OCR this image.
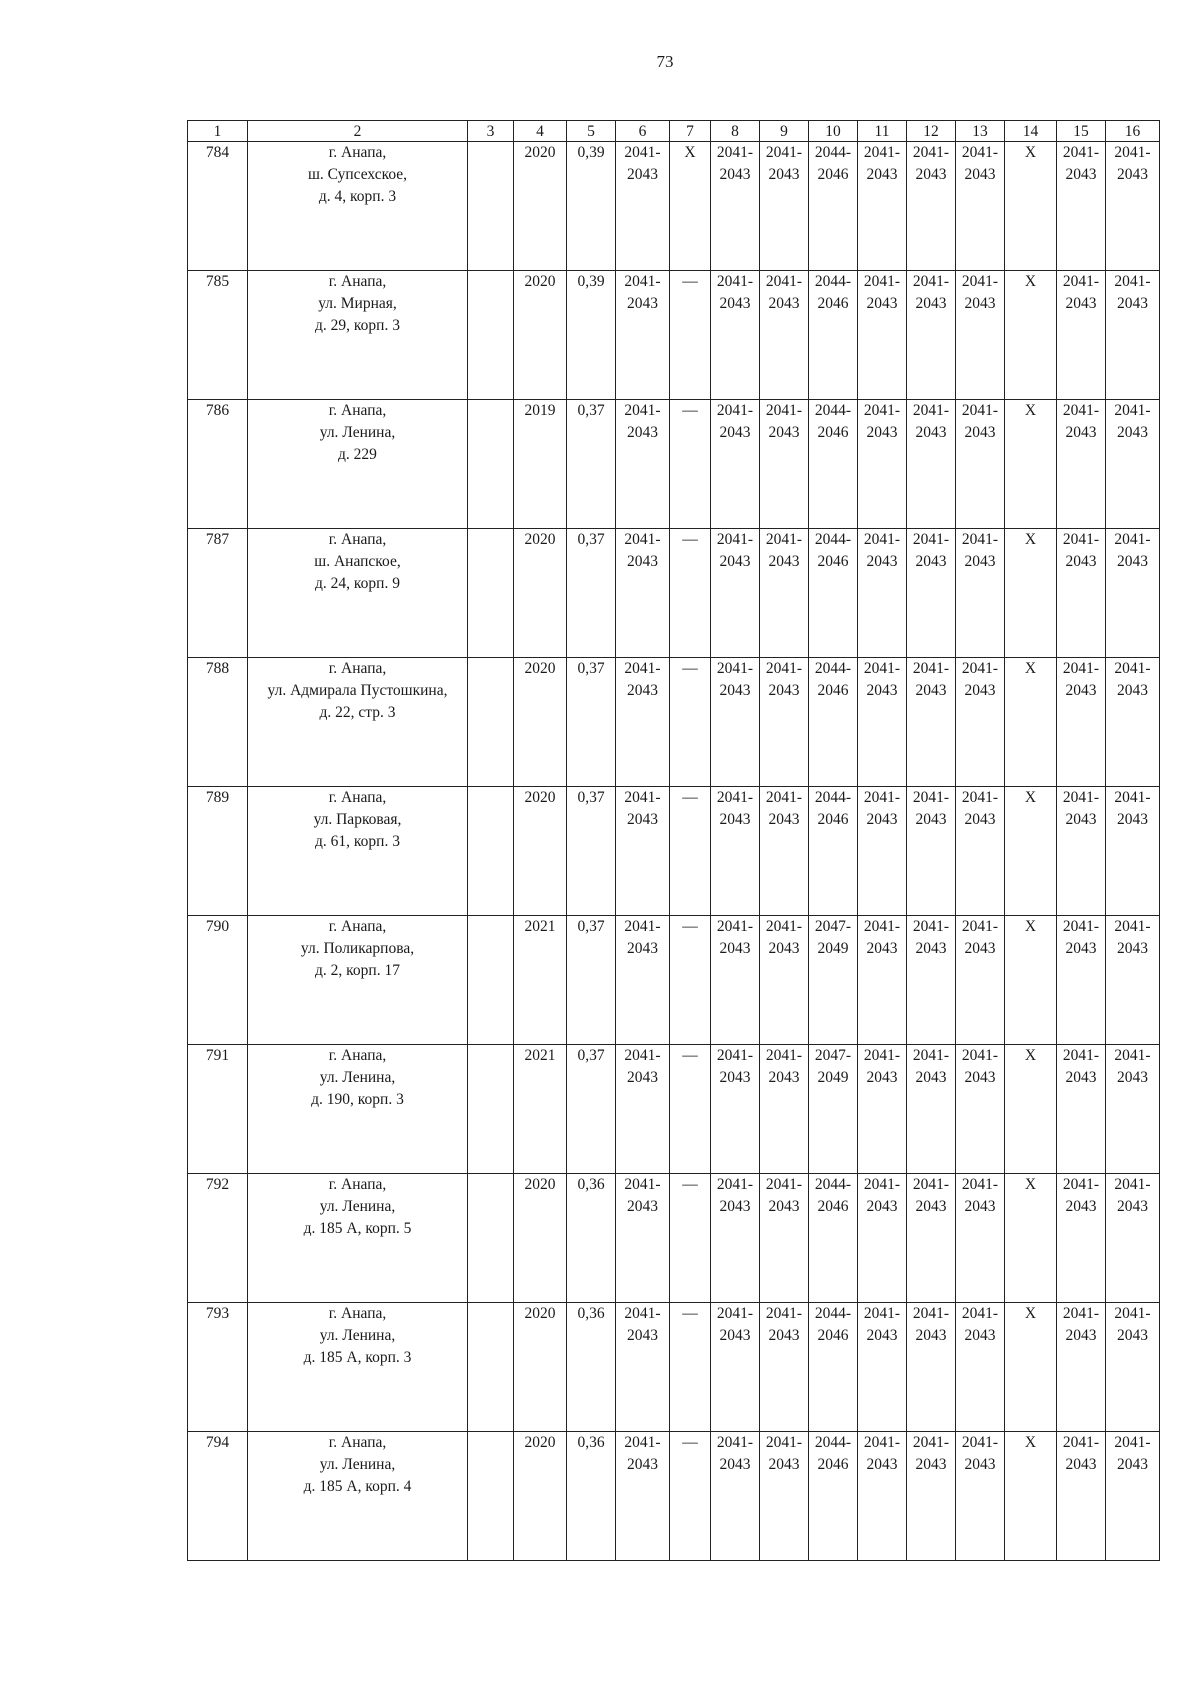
73
1	2	3	4	5	6	7	8	9	10	11	12	13	14	15	16
784	г. Анапа,
ш. Супсехское,
д. 4, корп. 3		2020	0,39	2041-
2043	Х	2041-
2043	2041-
2043	2044-
2046	2041-
2043	2041-
2043	2041-
2043	Х	2041-
2043	2041-
2043

785	г. Анапа,
ул. Мирная,
д. 29, корп. 3		2020	0,39	2041-
2043	—	2041-
2043	2041-
2043	2044-
2046	2041-
2043	2041-
2043	2041-
2043	Х	2041-
2043	2041-
2043

786	г. Анапа,
ул. Ленина,
д. 229		2019	0,37	2041-
2043	—	2041-
2043	2041-
2043	2044-
2046	2041-
2043	2041-
2043	2041-
2043	Х	2041-
2043	2041-
2043

787	г. Анапа,
ш. Анапское,
д. 24, корп. 9		2020	0,37	2041-
2043	—	2041-
2043	2041-
2043	2044-
2046	2041-
2043	2041-
2043	2041-
2043	Х	2041-
2043	2041-
2043

788	г. Анапа,
ул. Адмирала Пустошкина,
д. 22, стр. 3		2020	0,37	2041-
2043	—	2041-
2043	2041-
2043	2044-
2046	2041-
2043	2041-
2043	2041-
2043	Х	2041-
2043	2041-
2043

789	г. Анапа,
ул. Парковая,
д. 61, корп. 3		2020	0,37	2041-
2043	—	2041-
2043	2041-
2043	2044-
2046	2041-
2043	2041-
2043	2041-
2043	Х	2041-
2043	2041-
2043

790	г. Анапа,
ул. Поликарпова,
д. 2, корп. 17		2021	0,37	2041-
2043	—	2041-
2043	2041-
2043	2047-
2049	2041-
2043	2041-
2043	2041-
2043	Х	2041-
2043	2041-
2043

791	г. Анапа,
ул. Ленина,
д. 190, корп. 3		2021	0,37	2041-
2043	—	2041-
2043	2041-
2043	2047-
2049	2041-
2043	2041-
2043	2041-
2043	Х	2041-
2043	2041-
2043

792	г. Анапа,
ул. Ленина,
д. 185 А, корп. 5		2020	0,36	2041-
2043	—	2041-
2043	2041-
2043	2044-
2046	2041-
2043	2041-
2043	2041-
2043	Х	2041-
2043	2041-
2043

793	г. Анапа,
ул. Ленина,
д. 185 А, корп. 3		2020	0,36	2041-
2043	—	2041-
2043	2041-
2043	2044-
2046	2041-
2043	2041-
2043	2041-
2043	Х	2041-
2043	2041-
2043

794	г. Анапа,
ул. Ленина,
д. 185 А, корп. 4		2020	0,36	2041-
2043	—	2041-
2043	2041-
2043	2044-
2046	2041-
2043	2041-
2043	2041-
2043	Х	2041-
2043	2041-
2043
